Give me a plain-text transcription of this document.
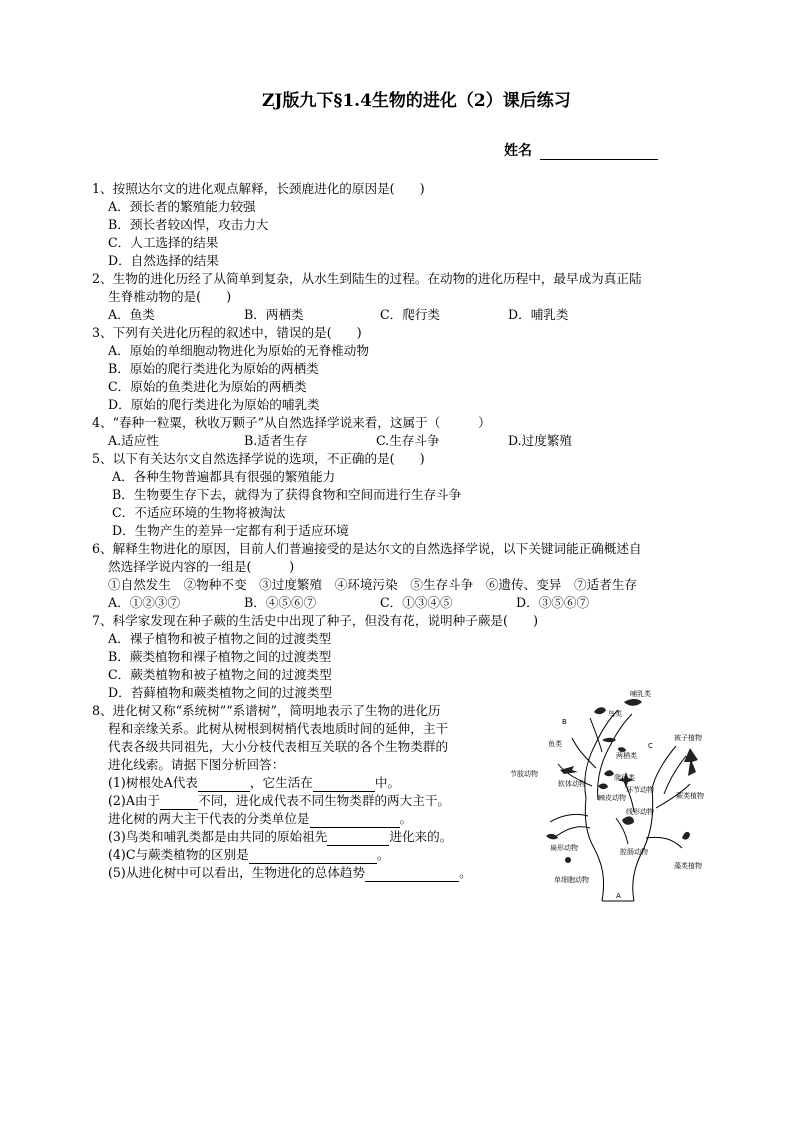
ZJ版九下§1.4生物的进化（2）课后练习
姓名
1、按照达尔文的进化观点解释，长颈鹿进化的原因是(　　)
A．颈长者的繁殖能力较强
B．颈长者较凶悍，攻击力大
C．人工选择的结果
D．自然选择的结果
2、生物的进化历经了从简单到复杂，从水生到陆生的过程。在动物的进化历程中，最早成为真正陆
生脊椎动物的是(　　)
A．鱼类	B．两栖类	C．爬行类	D．哺乳类
3、下列有关进化历程的叙述中，错误的是(　　)
A．原始的单细胞动物进化为原始的无脊椎动物
B．原始的爬行类进化为原始的两栖类
C．原始的鱼类进化为原始的两栖类
D．原始的爬行类进化为原始的哺乳类
4、“春种一粒粟，秋收万颗子”从自然选择学说来看，这属于（　　　）
A.适应性	B.适者生存	C.生存斗争	D.过度繁殖
5、以下有关达尔文自然选择学说的选项，不正确的是(　　)
A．各种生物普遍都具有很强的繁殖能力
B．生物要生存下去，就得为了获得食物和空间而进行生存斗争
C．不适应环境的生物将被淘汰
D．生物产生的差异一定都有利于适应环境
6、解释生物进化的原因，目前人们普遍接受的是达尔文的自然选择学说，以下关键词能正确概述自
然选择学说内容的一组是(　　　)
①自然发生　②物种不变　③过度繁殖　④环境污染　⑤生存斗争　⑥遗传、变异　⑦适者生存
A．①②③⑦	B．④⑤⑥⑦	C．①③④⑤	D．③⑤⑥⑦
7、科学家发现在种子蕨的生活史中出现了种子，但没有花，说明种子蕨是(　　)
A．裸子植物和被子植物之间的过渡类型
B．蕨类植物和裸子植物之间的过渡类型
C．蕨类植物和被子植物之间的过渡类型
D．苔藓植物和蕨类植物之间的过渡类型
8、进化树又称“系统树”“系谱树”，简明地表示了生物的进化历
程和亲缘关系。此树从树根到树梢代表地质时间的延伸，主干
代表各级共同祖先，大小分枝代表相互关联的各个生物类群的
进化线索。请据下图分析回答：
(1)树根处A代表	，它生活在	中。
(2)A由于	不同，进化成代表不同生物类群的两大主干。
进化树的两大主干代表的分类单位是	。
(3)鸟类和哺乳类都是由共同的原始祖先	进化来的。
(4)C与蕨类植物的区别是	。
(5)从进化树中可以看出，生物进化的总体趋势	。
哺乳类
鸟类
B
鱼类
两栖类
C
被子植物
节肢动物	爬行类
软体动物
环节动物
蕨类植物
棘皮动物
线形动物
扁形动物	腔肠动物
单细胞动物
藻类植物
A
